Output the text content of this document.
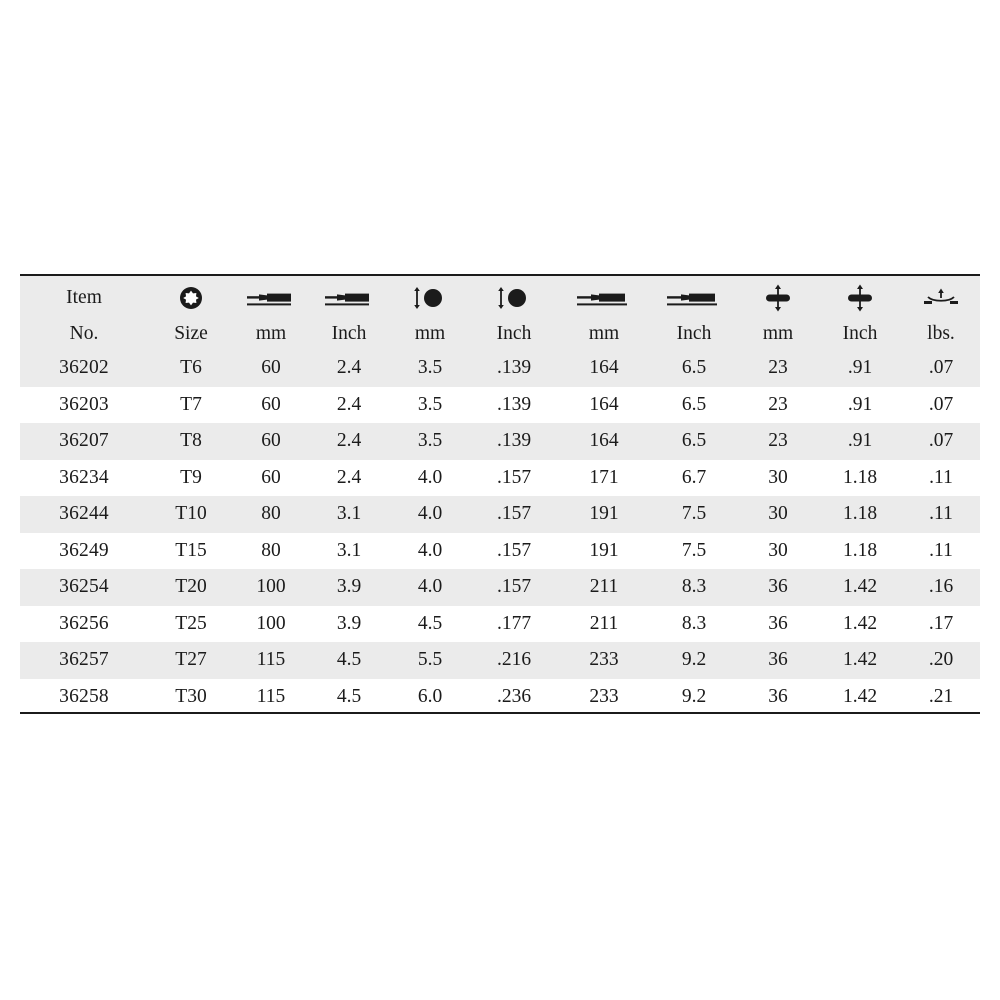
Item	

No.	Size	mm	Inch	mm	Inch	mm	Inch	mm	Inch	lbs.
36202	T6	60	2.4	3.5	.139	164	6.5	23	.91	.07
36203	T7	60	2.4	3.5	.139	164	6.5	23	.91	.07
36207	T8	60	2.4	3.5	.139	164	6.5	23	.91	.07
36234	T9	60	2.4	4.0	.157	171	6.7	30	1.18	.11
36244	T10	80	3.1	4.0	.157	191	7.5	30	1.18	.11
36249	T15	80	3.1	4.0	.157	191	7.5	30	1.18	.11
36254	T20	100	3.9	4.0	.157	211	8.3	36	1.42	.16
36256	T25	100	3.9	4.5	.177	211	8.3	36	1.42	.17
36257	T27	115	4.5	5.5	.216	233	9.2	36	1.42	.20
36258	T30	115	4.5	6.0	.236	233	9.2	36	1.42	.21
